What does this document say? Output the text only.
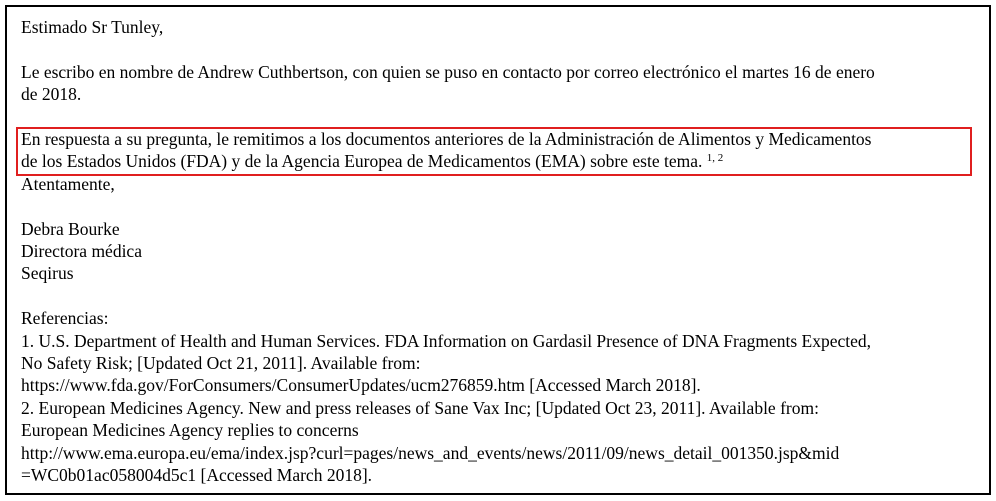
Estimado Sr Tunley,
Le escribo en nombre de Andrew Cuthbertson, con quien se puso en contacto por correo electrónico el martes 16 de enero
de 2018.
En respuesta a su pregunta, le remitimos a los documentos anteriores de la Administración de Alimentos y Medicamentos
de los Estados Unidos (FDA) y de la Agencia Europea de Medicamentos (EMA) sobre este tema. $^{1, 2}$
Atentamente,
Debra Bourke
Directora médica
Seqirus
Referencias:
1. U.S. Department of Health and Human Services. FDA Information on Gardasil Presence of DNA Fragments Expected,
No Safety Risk; [Updated Oct 21, 2011]. Available from:
https://www.fda.gov/ForConsumers/ConsumerUpdates/ucm276859.htm [Accessed March 2018].
2. European Medicines Agency. New and press releases of Sane Vax Inc; [Updated Oct 23, 2011]. Available from:
European Medicines Agency replies to concerns
http://www.ema.europa.eu/ema/index.jsp?curl=pages/news_and_events/news/2011/09/news_detail_001350.jsp&mid
=WC0b01ac058004d5c1 [Accessed March 2018].
